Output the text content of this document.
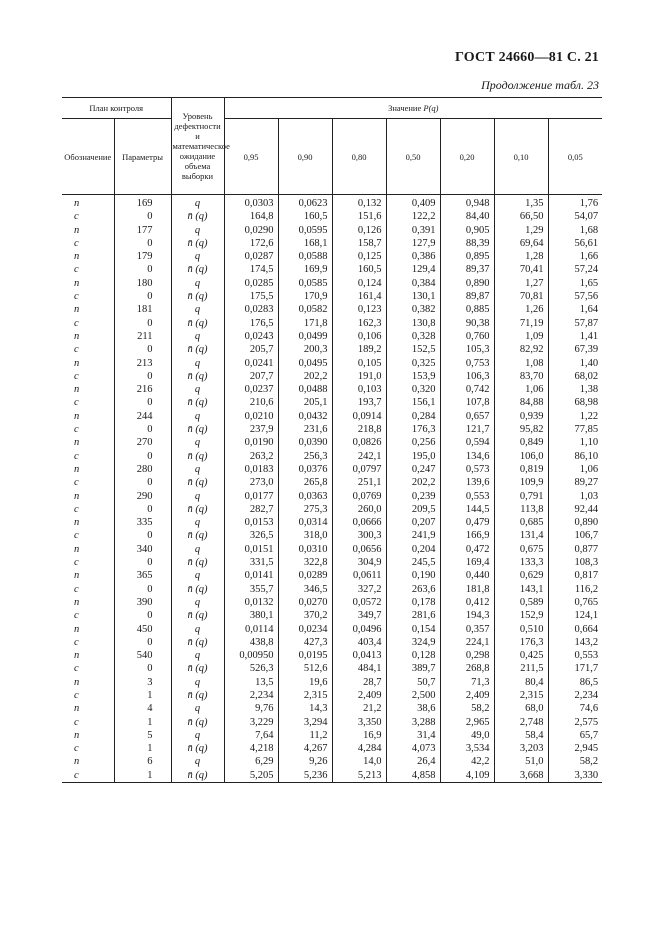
ГОСТ 24660—81 С. 21
Продолжение табл. 23
План контроля		Уровень дефектности и математическое ожидание объема выборки	Значение P(q)						
Обозначение	Параметры		0,95	0,90	0,80	0,50	0,20	0,10	0,05
n	169	q	0,0303	0,0623	0,132	0,409	0,948	1,35	1,76
c	0	n̄ (q)	164,8	160,5	151,6	122,2	84,40	66,50	54,07
n	177	q	0,0290	0,0595	0,126	0,391	0,905	1,29	1,68
c	0	n̄ (q)	172,6	168,1	158,7	127,9	88,39	69,64	56,61
n	179	q	0,0287	0,0588	0,125	0,386	0,895	1,28	1,66
c	0	n̄ (q)	174,5	169,9	160,5	129,4	89,37	70,41	57,24
n	180	q	0,0285	0,0585	0,124	0,384	0,890	1,27	1,65
c	0	n̄ (q)	175,5	170,9	161,4	130,1	89,87	70,81	57,56
n	181	q	0,0283	0,0582	0,123	0,382	0,885	1,26	1,64
c	0	n̄ (q)	176,5	171,8	162,3	130,8	90,38	71,19	57,87
n	211	q	0,0243	0,0499	0,106	0,328	0,760	1,09	1,41
c	0	n̄ (q)	205,7	200,3	189,2	152,5	105,3	82,92	67,39
n	213	q	0,0241	0,0495	0,105	0,325	0,753	1,08	1,40
c	0	n̄ (q)	207,7	202,2	191,0	153,9	106,3	83,70	68,02
n	216	q	0,0237	0,0488	0,103	0,320	0,742	1,06	1,38
c	0	n̄ (q)	210,6	205,1	193,7	156,1	107,8	84,88	68,98
n	244	q	0,0210	0,0432	0,0914	0,284	0,657	0,939	1,22
c	0	n̄ (q)	237,9	231,6	218,8	176,3	121,7	95,82	77,85
n	270	q	0,0190	0,0390	0,0826	0,256	0,594	0,849	1,10
c	0	n̄ (q)	263,2	256,3	242,1	195,0	134,6	106,0	86,10
n	280	q	0,0183	0,0376	0,0797	0,247	0,573	0,819	1,06
c	0	n̄ (q)	273,0	265,8	251,1	202,2	139,6	109,9	89,27
n	290	q	0,0177	0,0363	0,0769	0,239	0,553	0,791	1,03
c	0	n̄ (q)	282,7	275,3	260,0	209,5	144,5	113,8	92,44
n	335	q	0,0153	0,0314	0,0666	0,207	0,479	0,685	0,890
c	0	n̄ (q)	326,5	318,0	300,3	241,9	166,9	131,4	106,7
n	340	q	0,0151	0,0310	0,0656	0,204	0,472	0,675	0,877
c	0	n̄ (q)	331,5	322,8	304,9	245,5	169,4	133,3	108,3
n	365	q	0,0141	0,0289	0,0611	0,190	0,440	0,629	0,817
c	0	n̄ (q)	355,7	346,5	327,2	263,6	181,8	143,1	116,2
n	390	q	0,0132	0,0270	0,0572	0,178	0,412	0,589	0,765
c	0	n̄ (q)	380,1	370,2	349,7	281,6	194,3	152,9	124,1
n	450	q	0,0114	0,0234	0,0496	0,154	0,357	0,510	0,664
c	0	n̄ (q)	438,8	427,3	403,4	324,9	224,1	176,3	143,2
n	540	q	0,00950	0,0195	0,0413	0,128	0,298	0,425	0,553
c	0	n̄ (q)	526,3	512,6	484,1	389,7	268,8	211,5	171,7
n	3	q	13,5	19,6	28,7	50,7	71,3	80,4	86,5
c	1	n̄ (q)	2,234	2,315	2,409	2,500	2,409	2,315	2,234
n	4	q	9,76	14,3	21,2	38,6	58,2	68,0	74,6
c	1	n̄ (q)	3,229	3,294	3,350	3,288	2,965	2,748	2,575
n	5	q	7,64	11,2	16,9	31,4	49,0	58,4	65,7
c	1	n̄ (q)	4,218	4,267	4,284	4,073	3,534	3,203	2,945
n	6	q	6,29	9,26	14,0	26,4	42,2	51,0	58,2
c	1	n̄ (q)	5,205	5,236	5,213	4,858	4,109	3,668	3,330
